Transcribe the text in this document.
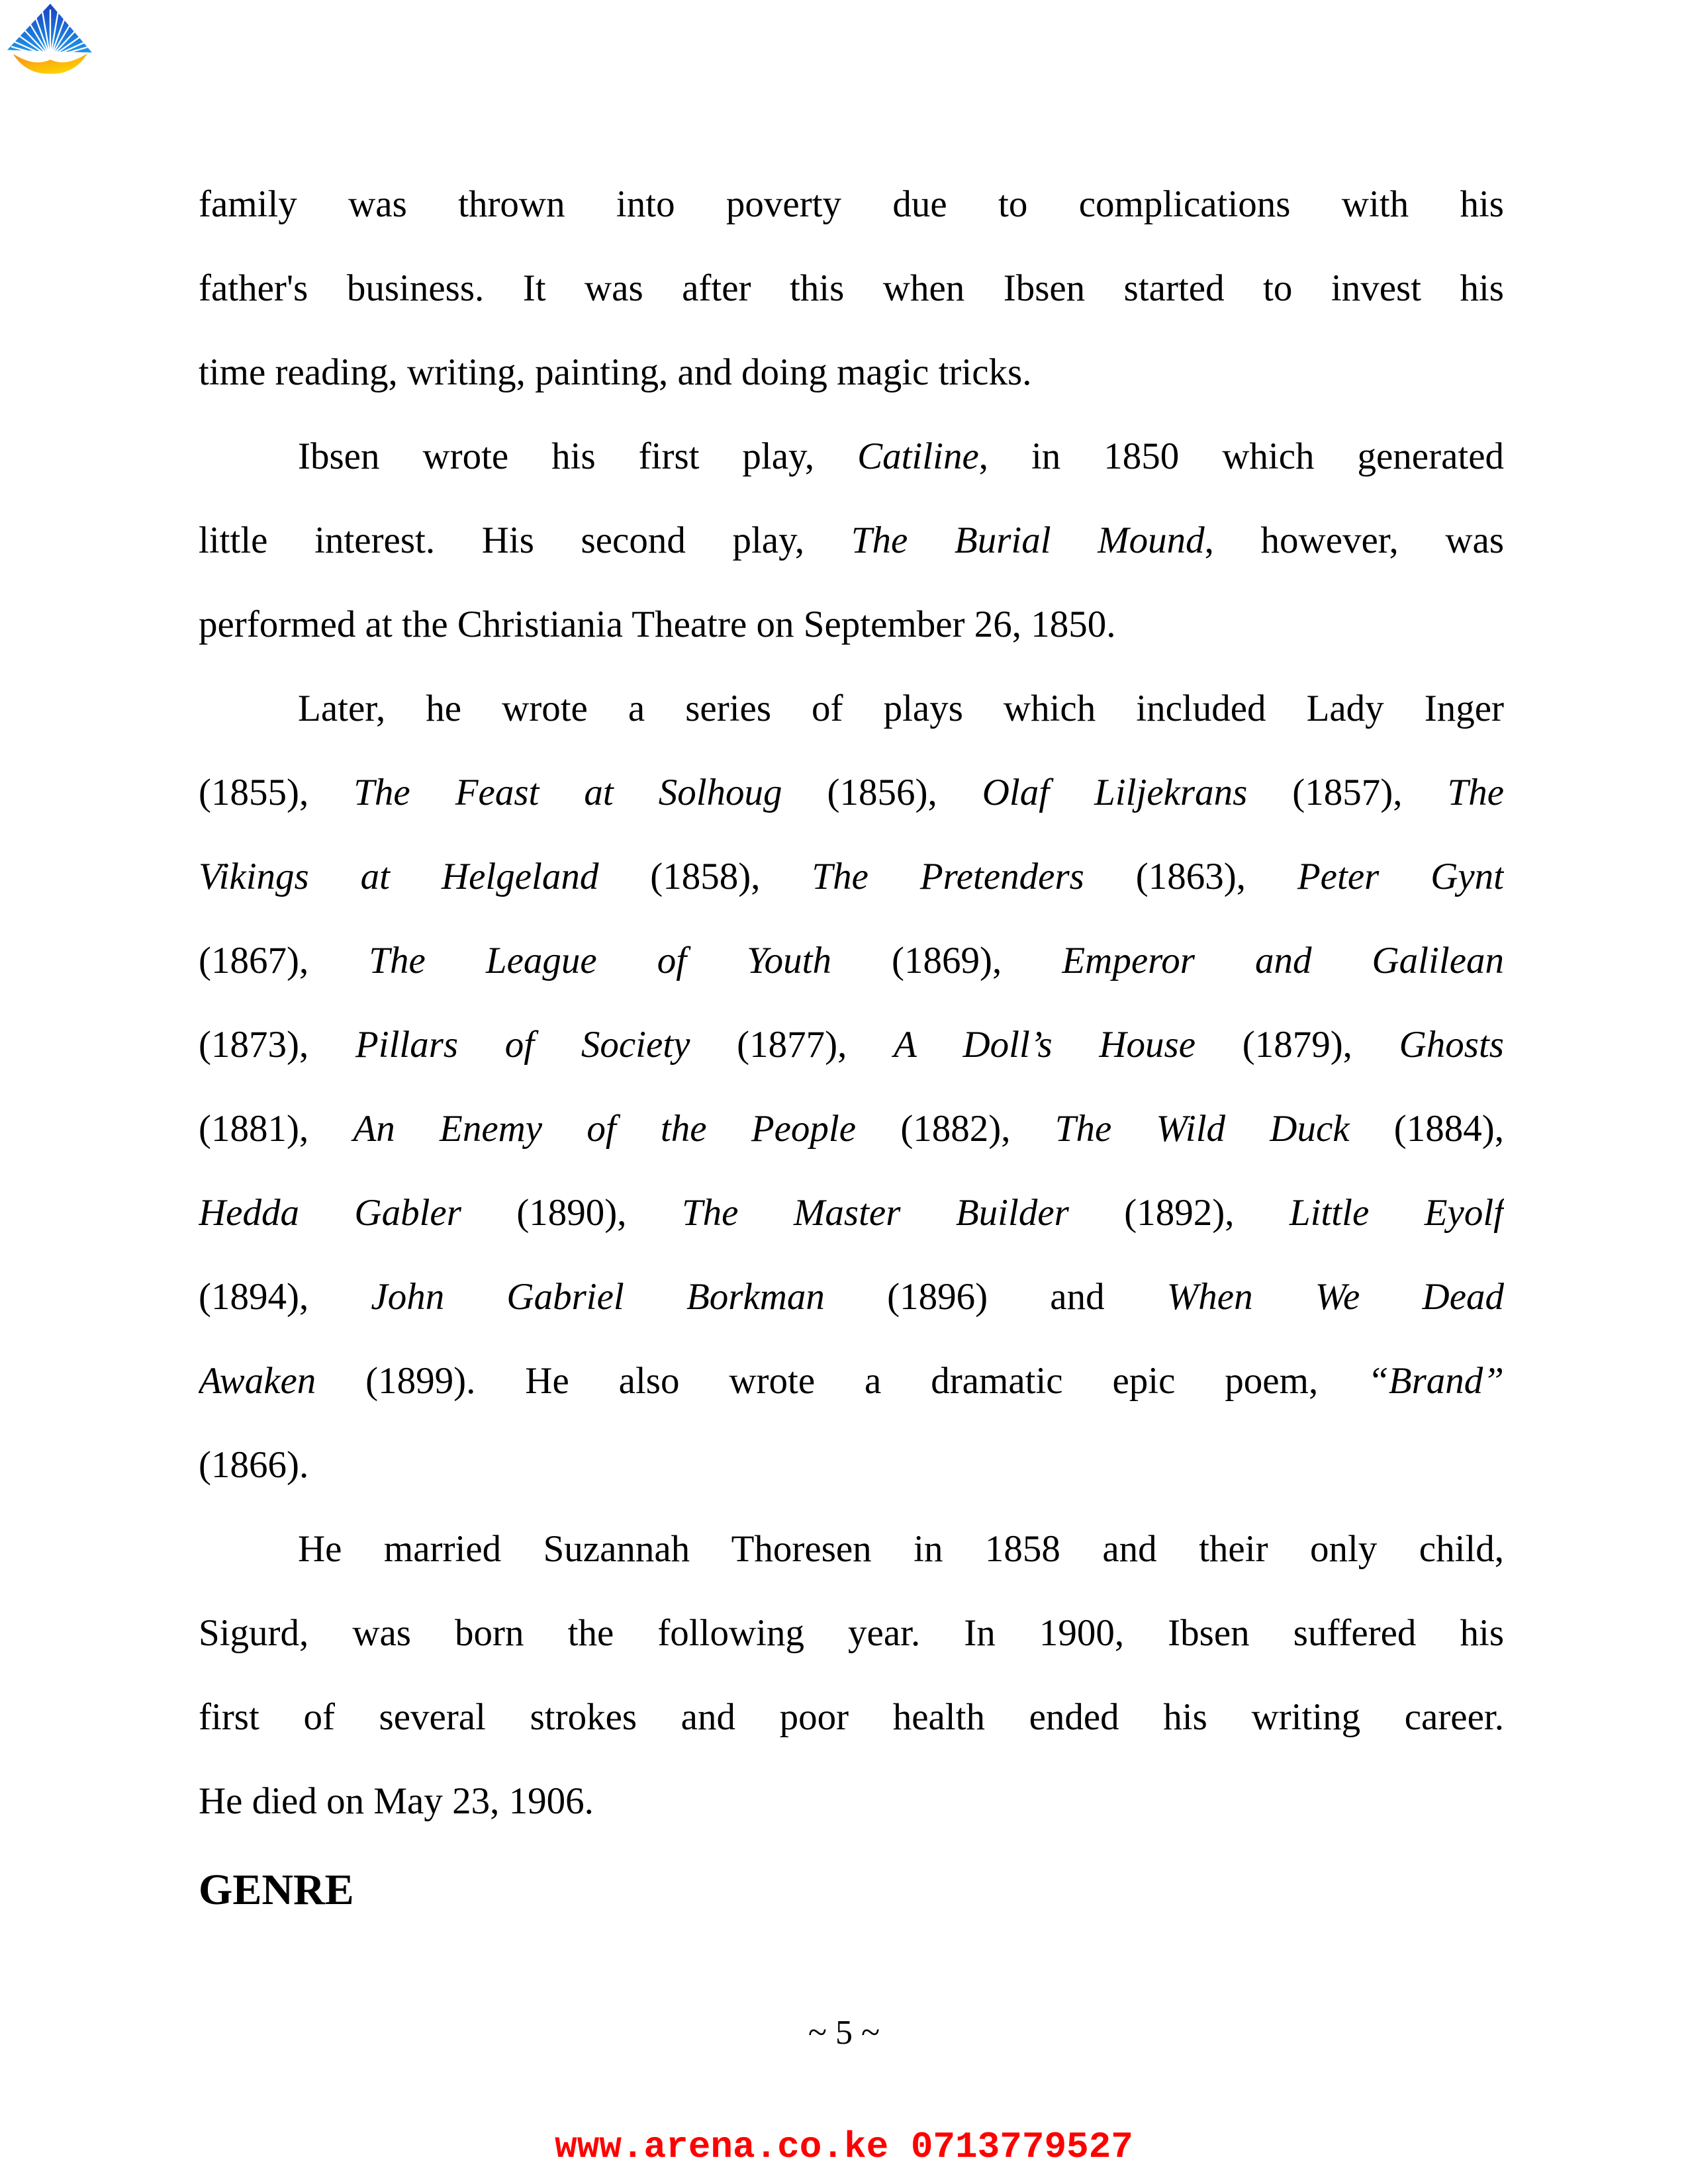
family was thrown into poverty due to complications with his
father's business. It was after this when Ibsen started to invest his
time reading, writing, painting, and doing magic tricks.
Ibsen wrote his first play, Catiline, in 1850 which generated
little interest. His second play, The Burial Mound, however, was
performed at the Christiania Theatre on September 26, 1850.
Later, he wrote a series of plays which included Lady Inger
(1855), The Feast at Solhoug (1856), Olaf Liljekrans (1857), The
Vikings at Helgeland (1858), The Pretenders (1863), Peter Gynt
(1867), The League of Youth (1869), Emperor and Galilean
(1873), Pillars of Society (1877), A Doll’s House (1879), Ghosts
(1881), An Enemy of the People (1882), The Wild Duck (1884),
Hedda Gabler (1890), The Master Builder (1892), Little Eyolf
(1894), John Gabriel Borkman (1896) and When We Dead
Awaken (1899). He also wrote a dramatic epic poem, “Brand”
(1866).
He married Suzannah Thoresen in 1858 and their only child,
Sigurd, was born the following year. In 1900, Ibsen suffered his
first of several strokes and poor health ended his writing career.
He died on May 23, 1906.
GENRE
~ 5 ~
www.arena.co.ke 0713779527
